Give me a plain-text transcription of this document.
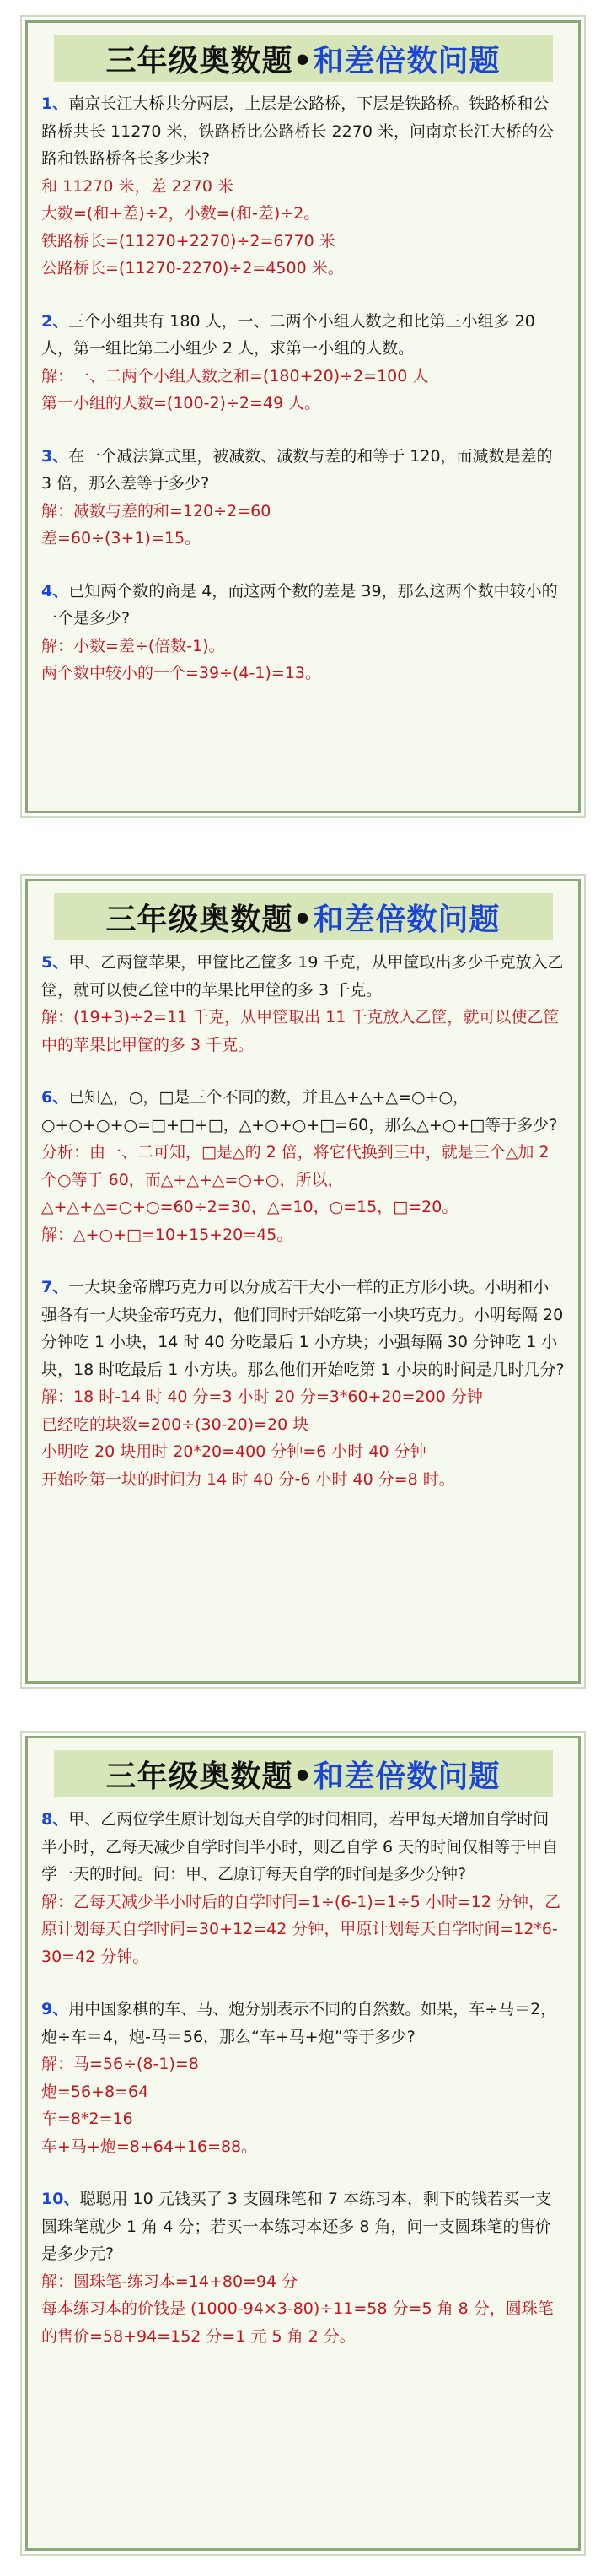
三年级奥数题• 和差倍数问题

1、南京长江大桥共分两层，上层是公路桥，下层是铁路桥。铁路桥和公路桥共长 11270 米，铁路桥比公路桥长 2270 米，问南京长江大桥的公路和铁路桥各长多少米?

和 11270 米，差 2270 米

大数=(和+差)÷2，小数=(和-差)÷2。

铁路桥长=(11270+2270)÷2=6770 米

公路桥长=(11270-2270)÷2=4500 米。

2、三个小组共有 180 人，一、二两个小组人数之和比第三小组多 20 人，第一组比第二小组少 2 人，求第一小组的人数。

解：一、二两个小组人数之和=(180+20)÷2=100 人

第一小组的人数=(100-2)÷2=49 人。

3、在一个减法算式里，被减数、减数与差的和等于 120，而减数是差的 3 倍，那么差等于多少?

解：减数与差的和=120÷2=60

差=60÷(3+1)=15。

4、已知两个数的商是 4，而这两个数的差是 39，那么这两个数中较小的一个是多少?

解：小数=差÷(倍数-1)。

两个数中较小的一个=39÷(4-1)=13。

三年级奥数题• 和差倍数问题

5、甲、乙两筐苹果，甲筐比乙筐多 19 千克，从甲筐取出多少千克放入乙筐，就可以使乙筐中的苹果比甲筐的多 3 千克。

解：(19+3)÷2=11 千克，从甲筐取出 11 千克放入乙筐，就可以使乙筐中的苹果比甲筐的多 3 千克。

6、已知△，○，□是三个不同的数，并且△+△+△=○+○，○+○+○+○=□+□+□，△+○+○+□=60，那么△+○+□等于多少?

分析：由一、二可知，□是△的 2 倍，将它代换到三中，就是三个△加 2 个○等于 60，而△+△+△=○+○，所以，△+△+△=○+○=60÷2=30，△=10，○=15，□=20。

解：△+○+□=10+15+20=45。

7、一大块金帝牌巧克力可以分成若干大小一样的正方形小块。小明和小强各有一大块金帝巧克力，他们同时开始吃第一小块巧克力。小明每隔 20 分钟吃 1 小块，14 时 40 分吃最后 1 小方块；小强每隔 30 分钟吃 1 小块，18 时吃最后 1 小方块。那么他们开始吃第 1 小块的时间是几时几分?

解：18 时-14 时 40 分=3 小时 20 分=3*60+20=200 分钟

已经吃的块数=200÷(30-20)=20 块

小明吃 20 块用时 20*20=400 分钟=6 小时 40 分钟

开始吃第一块的时间为 14 时 40 分-6 小时 40 分=8 时。

三年级奥数题• 和差倍数问题

8、甲、乙两位学生原计划每天自学的时间相同，若甲每天增加自学时间半小时，乙每天减少自学时间半小时，则乙自学 6 天的时间仅相等于甲自学一天的时间。问：甲、乙原订每天自学的时间是多少分钟?

解：乙每天减少半小时后的自学时间=1÷(6-1)=1÷5 小时=12 分钟，乙原计划每天自学时间=30+12=42 分钟，甲原计划每天自学时间=12*6-30=42 分钟。

9、用中国象棋的车、马、炮分别表示不同的自然数。如果，车÷马＝2，炮÷车＝4，炮-马＝56，那么“车+马+炮”等于多少?

解：马=56÷(8-1)=8

炮=56+8=64

车=8*2=16

车+马+炮=8+64+16=88。

10、聪聪用 10 元钱买了 3 支圆珠笔和 7 本练习本，剩下的钱若买一支圆珠笔就少 1 角 4 分；若买一本练习本还多 8 角，问一支圆珠笔的售价是多少元?

解：圆珠笔-练习本=14+80=94 分

每本练习本的价钱是 (1000-94×3-80)÷11=58 分=5 角 8 分，圆珠笔的售价=58+94=152 分=1 元 5 角 2 分。
